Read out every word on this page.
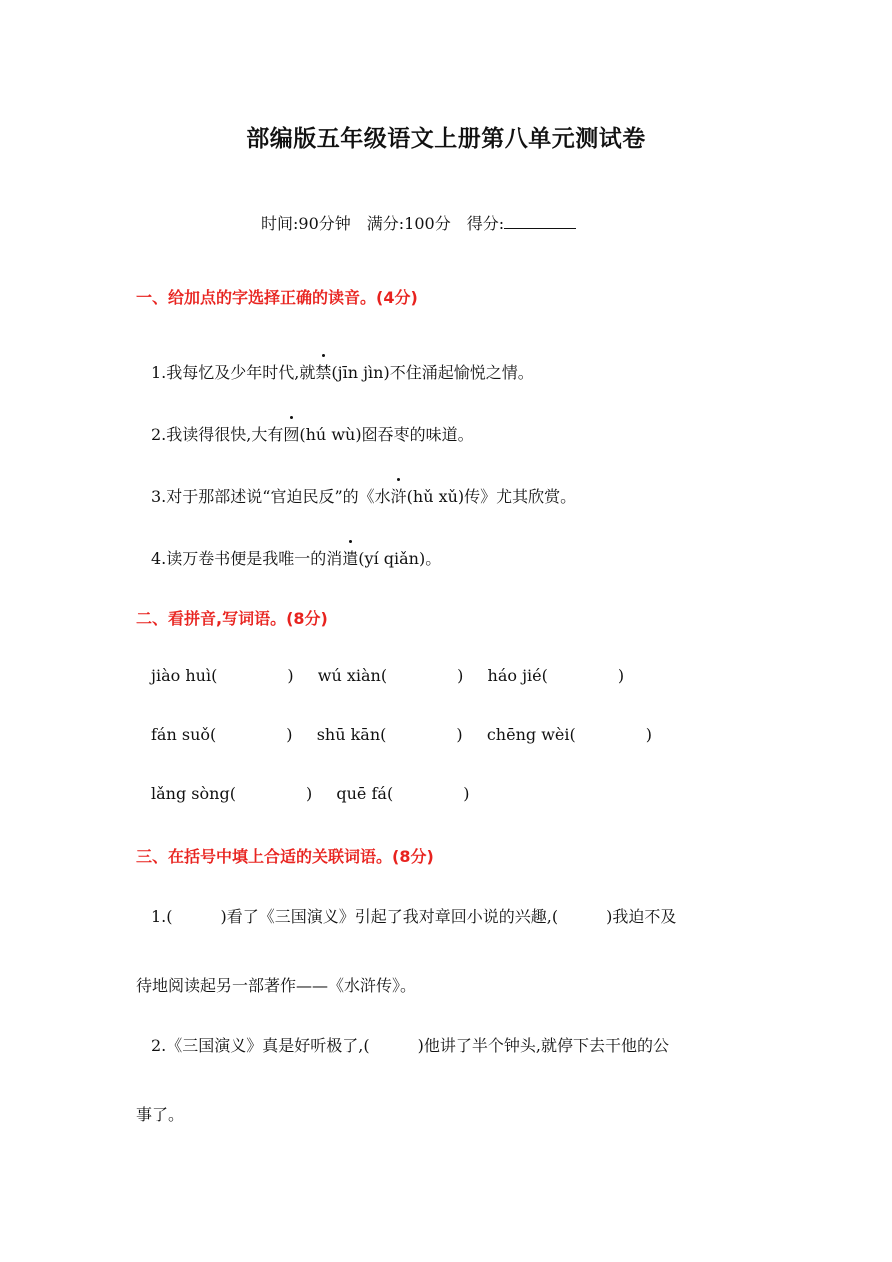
部编版五年级语文上册第八单元测试卷
时间:90分钟 满分:100分 得分:
一、给加点的字选择正确的读音。(4分)
1.我每忆及少年时代,就禁(jīn jìn)不住涌起愉悦之情。
2.我读得很快,大有囫(hú wù)囵吞枣的味道。
3.对于那部述说“官迫民反”的《水浒(hǔ xǔ)传》尤其欣赏。
4.读万卷书便是我唯一的消遣(yí qiǎn)。
二、看拼音,写词语。(8分)
jiào huì(	) wú xiàn(	) háo jié(	)
fán suǒ(	) shū kān(	) chēng wèi(	)
lǎng sòng(	) quē fá(	)
三、在括号中填上合适的关联词语。(8分)
1.(	)看了《三国演义》引起了我对章回小说的兴趣,(	)我迫不及
待地阅读起另一部著作——《水浒传》。
2.《三国演义》真是好听极了,(	)他讲了半个钟头,就停下去干他的公
事了。
